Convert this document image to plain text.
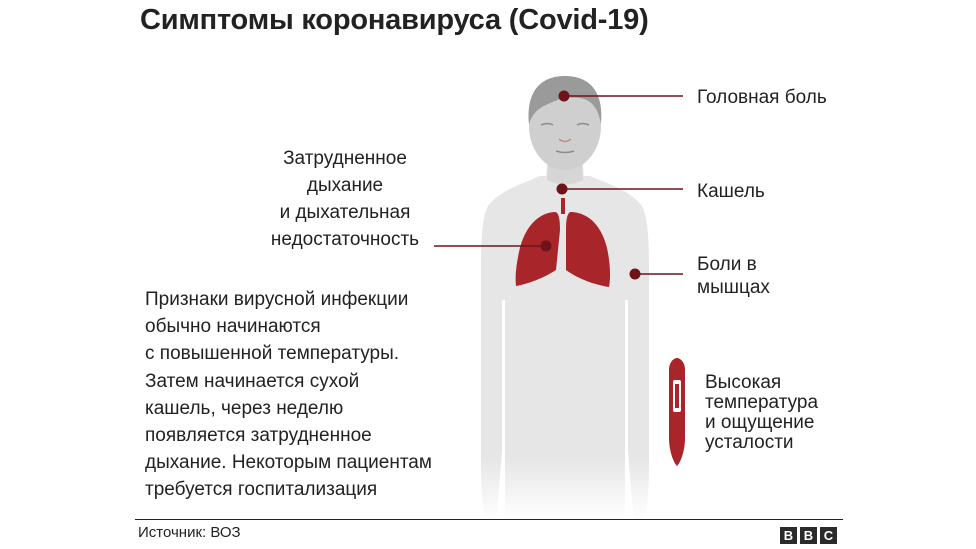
Симптомы коронавируса (Covid-19)
Головная боль
Кашель
Боли в
мышцах
Высокая
температура
и ощущение
усталости
Затрудненное
дыхание
и дыхательная
недостаточность
Признаки вирусной инфекции
обычно начинаются
с повышенной температуры.
Затем начинается сухой
кашель, через неделю
появляется затрудненное
дыхание. Некоторым пациентам
требуется госпитализация
Источник: ВОЗ	B B C
